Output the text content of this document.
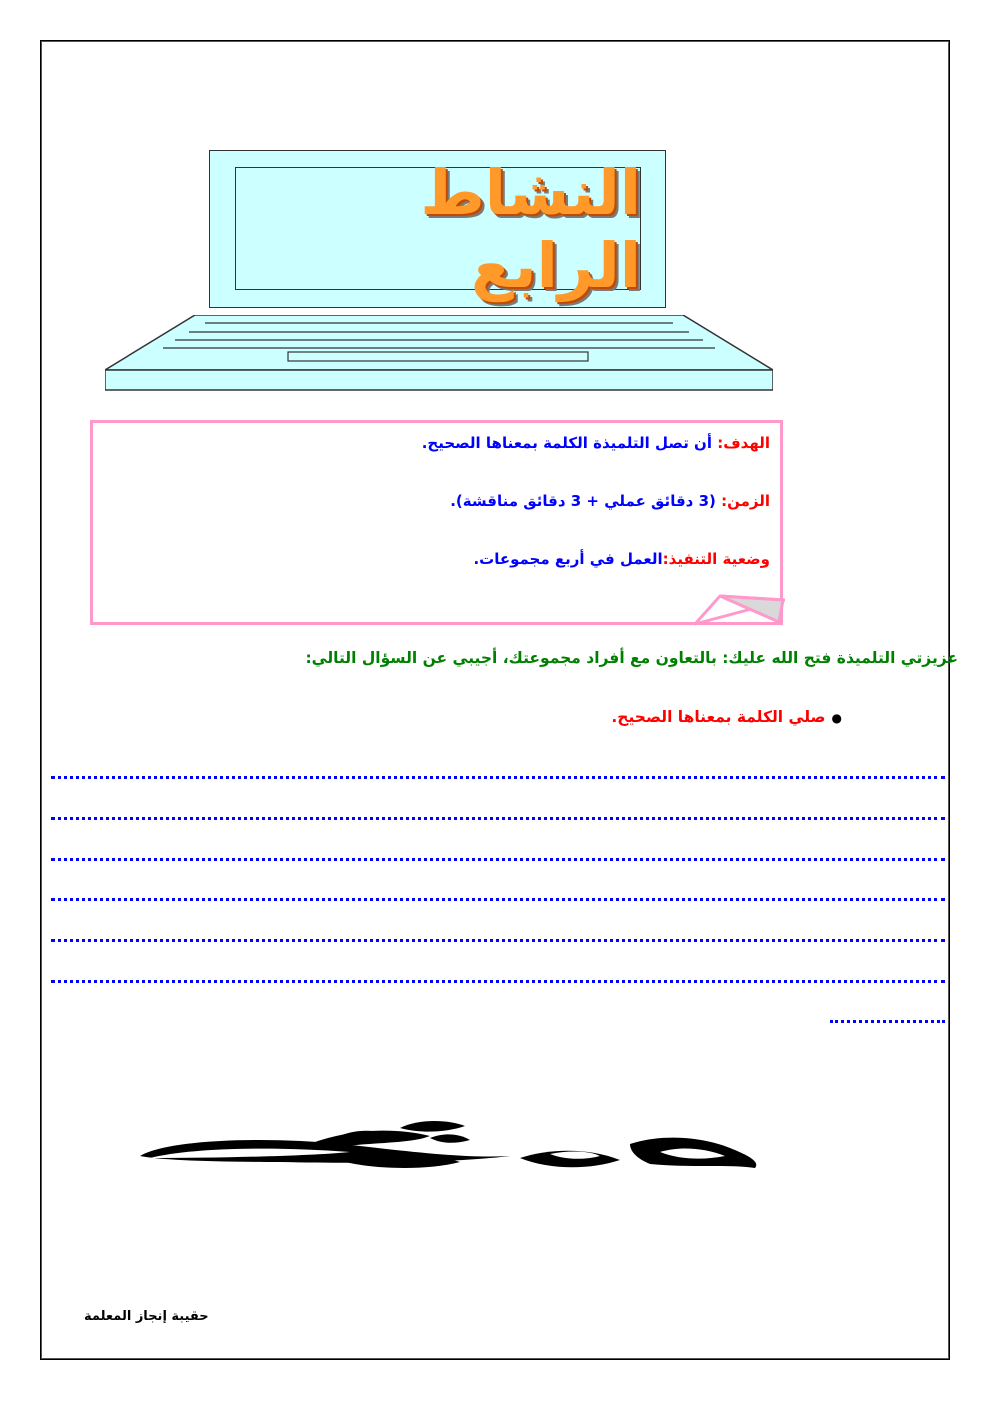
النشاط الرابع
الهدف: أن تصل التلميذة الكلمة بمعناها الصحيح.
الزمن: (3 دقائق عملي + 3 دقائق مناقشة).
وضعية التنفيذ:العمل في أربع مجموعات.
عزيزتي التلميذة فتح الله عليك: بالتعاون مع أفراد مجموعتك، أجيبي عن السؤال التالي:
●صلي الكلمة بمعناها الصحيح.
حقيبة إنجاز المعلمة
